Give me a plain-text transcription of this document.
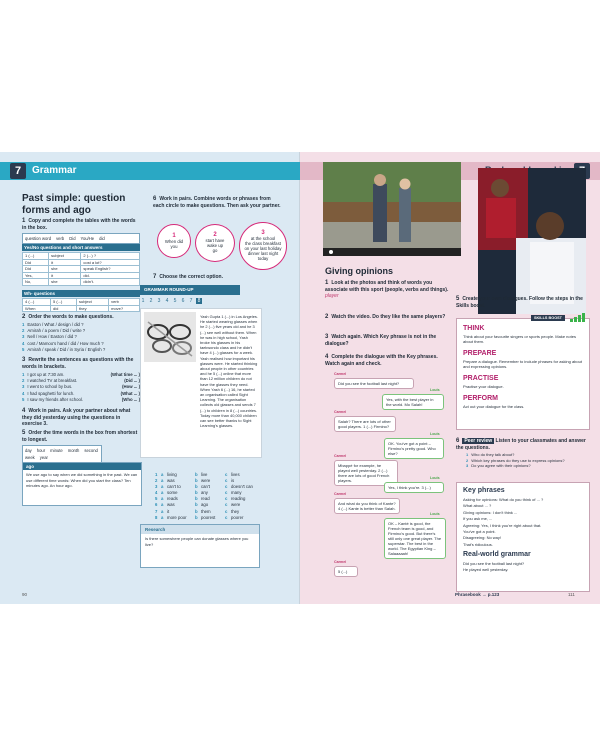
7	Grammar
Past simple: question forms and ago
1 Copy and complete the tables with the words in the box.
question word verb Did You/He did
Yes/No questions and short answers
1 (...)	subject	2 (...) ?
Did	it	cost a lot?
Did	she	speak English?
Yes,	it	did.
No,	she	didn't.
Wh- questions
4 (...)	5 (...)	subject	verb
When	did	they	move?
2 Order the words to make questions.
1 Easton / What / design / did ?
2 Amirah / a poem / Did / write ?
3 Nell / How / Easton / did ?
4 cost / Mamoo's hand / did / How much ?
5 Amirah / speak / Did / in Syria / English ?
3 Rewrite the sentences as questions with the words in brackets.
1 I got up at 7:30 am.	(What time ... )
2 I watched TV at breakfast.	(Did ... )
3 I went to school by bus.	(How ... )
4 I had spaghetti for lunch.	(What ... )
5 I saw my friends after school.	(Who ... )
4 Work in pairs. Ask your partner about what they did yesterday using the questions in exercise 3.
5 Order the time words in the box from shortest to longest.
day hour minute month second
week year
ago
We use ago to say when we did something in the past. We can use different time words: When did you start the class? Ten minutes ago. An hour ago.
6 Work in pairs. Combine words or phrases from each circle to make questions. Then ask your partner.
1
When did
you
2
start have
wake up
go
3
at the school
the class breakfast
on your last holiday
dinner last night
today
7 Choose the correct option.
GRAMMAR ROUND-UP
1	2	3	4	5	6	7	8
Yash Gupta 1 (...) in Los Angeles. He started wearing glasses when he 2 (...) five years old and he 3 (...) see well without them. When he was in high school, Yash broke his glasses in his taekwondo class and he didn't have 4 (...) glasses for a week. Yash realised how important his glasses were. He started thinking about people in other countries and he 5 (...) online that more than 12 million children do not have the glasses they need. When Yash 6 (...) 16, he started an organisation called Sight Learning. The organisation collects old glasses and sends 7 (...) to children in 8 (...) countries. Today more than 40,000 children can see better thanks to Sight Learning's glasses.
1 a living	b live	c lives
2 a was	b were	c is
3 a can't to	b can't	c doesn't can
4 a some	b any	c many
5 a reads	b read	c reading
6 a was	b ago	c were
7 a it	b them	c they
8 a more poor	b poorest	c poorer
Research
Is there somewhere people can donate glasses where you live?
90
Giving opinions
1 Look at the photos and think of words you associate with this sport (people, verbs and things).
player
2 Watch the video. Do they like the same players?
3 Watch again. Which Key phrase is not in the dialogue?
4 Complete the dialogue with the Key phrases. Watch again and check.
Carmel
Did you see the football last night?
Louis
Yes, with the best player in the world. Mo Salah!
Carmel
Salah? There are lots of other good players. 1 (...) Firmino?
Louis
OK. You've got a point – Firmino's pretty good. Who else?
Carmel
Mbappé for example, he played well yesterday. 2 (...) there are lots of good French players.	Louis
Yes, I think you're. 3 (...)
Carmel
And what do you think of Kante? 4 (...) Kante is better than Salah.
Louis
OK – Kanté is good, the French team is good, and Firmino's good. But there's still only one great player. The superstar. The best in the world. The Egyptian King – Salaaaaah!
Carmel
5 (...)
5 Create your own dialogues. Follow the steps in the Skills boost.
SKILLS BOOST
THINK
Think about your favourite singers or sports people. Make notes about them.
PREPARE
Prepare a dialogue. Remember to include phrases for asking about and expressing opinions.
PRACTISE
Practise your dialogue.
PERFORM
Act out your dialogue for the class.
6 Peer review Listen to your classmates and answer the questions.
1 Who do they talk about?
2 Which key phrases do they use to express opinions?
3 Do you agree with their opinions?
Key phrases
Asking for opinions: What do you think of ... ?
What about ... ?
Giving opinions: I don't think ...
If you ask me, ...
Agreeing: Yes, I think you're right about that.
You've got a point.
Disagreeing: No way!
That's ridiculous.
Real-world grammar
Did you see the football last night?
He played well yesterday.
Phrasebook → p.123	111
